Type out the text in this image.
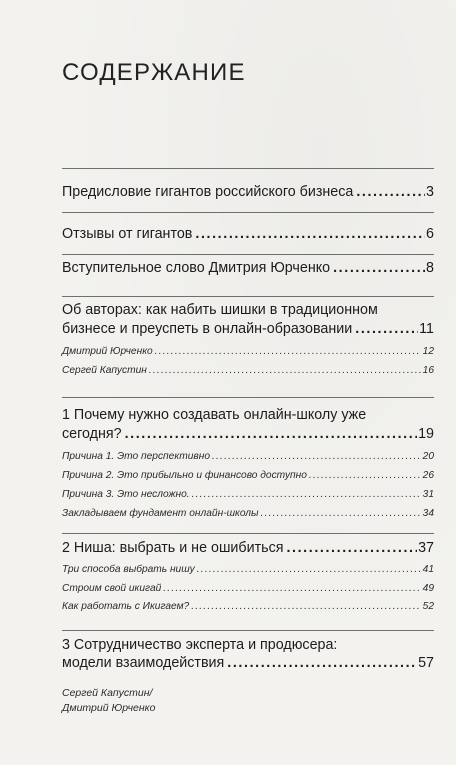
СОДЕРЖАНИЕ
Предисловие гигантов российского бизнеса .....	3
Отзывы от гигантов .....	6
Вступительное слово Дмитрия Юрченко .....	8
Об авторах: как набить шишки в традиционном
бизнесе и преуспеть в онлайн-образовании .....	11
Дмитрий Юрченко .....	12
Сергей Капустин .....	16
1 Почему нужно создавать онлайн-школу уже
сегодня? .....	19
Причина 1. Это перспективно .....	20
Причина 2. Это прибыльно и финансово доступно .....	26
Причина 3. Это несложно. .....	31
Закладываем фундамент онлайн-школы .....	34
2 Ниша: выбрать и не ошибиться .....	37
Три способа выбрать нишу .....	41
Строим свой икигай .....	49
Как работать с Икигаем? .....	52
3 Сотрудничество эксперта и продюсера:
модели взаимодействия .....	57
Сергей Капустин/
Дмитрий Юрченко
